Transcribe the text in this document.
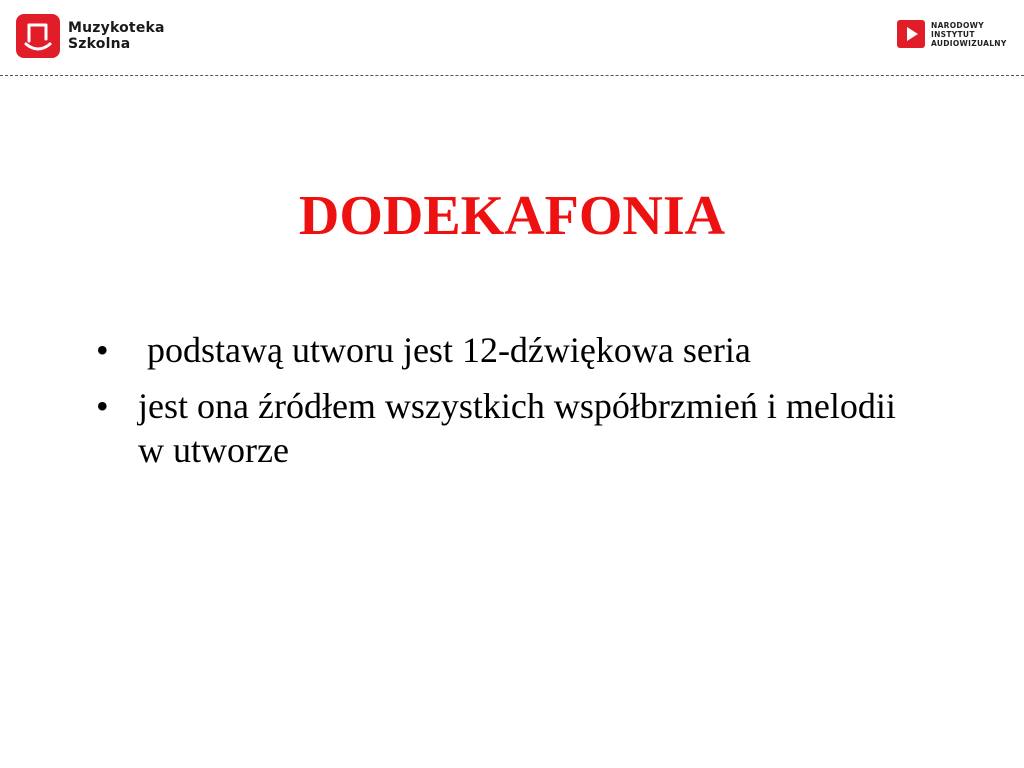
Muzykoteka
Szkolna
NARODOWY
INSTYTUT
AUDIOWIZUALNY
DODEKAFONIA
• podstawą utworu jest 12-dźwiękowa seria
• jest ona źródłem wszystkich współbrzmień i melodii w utworze
